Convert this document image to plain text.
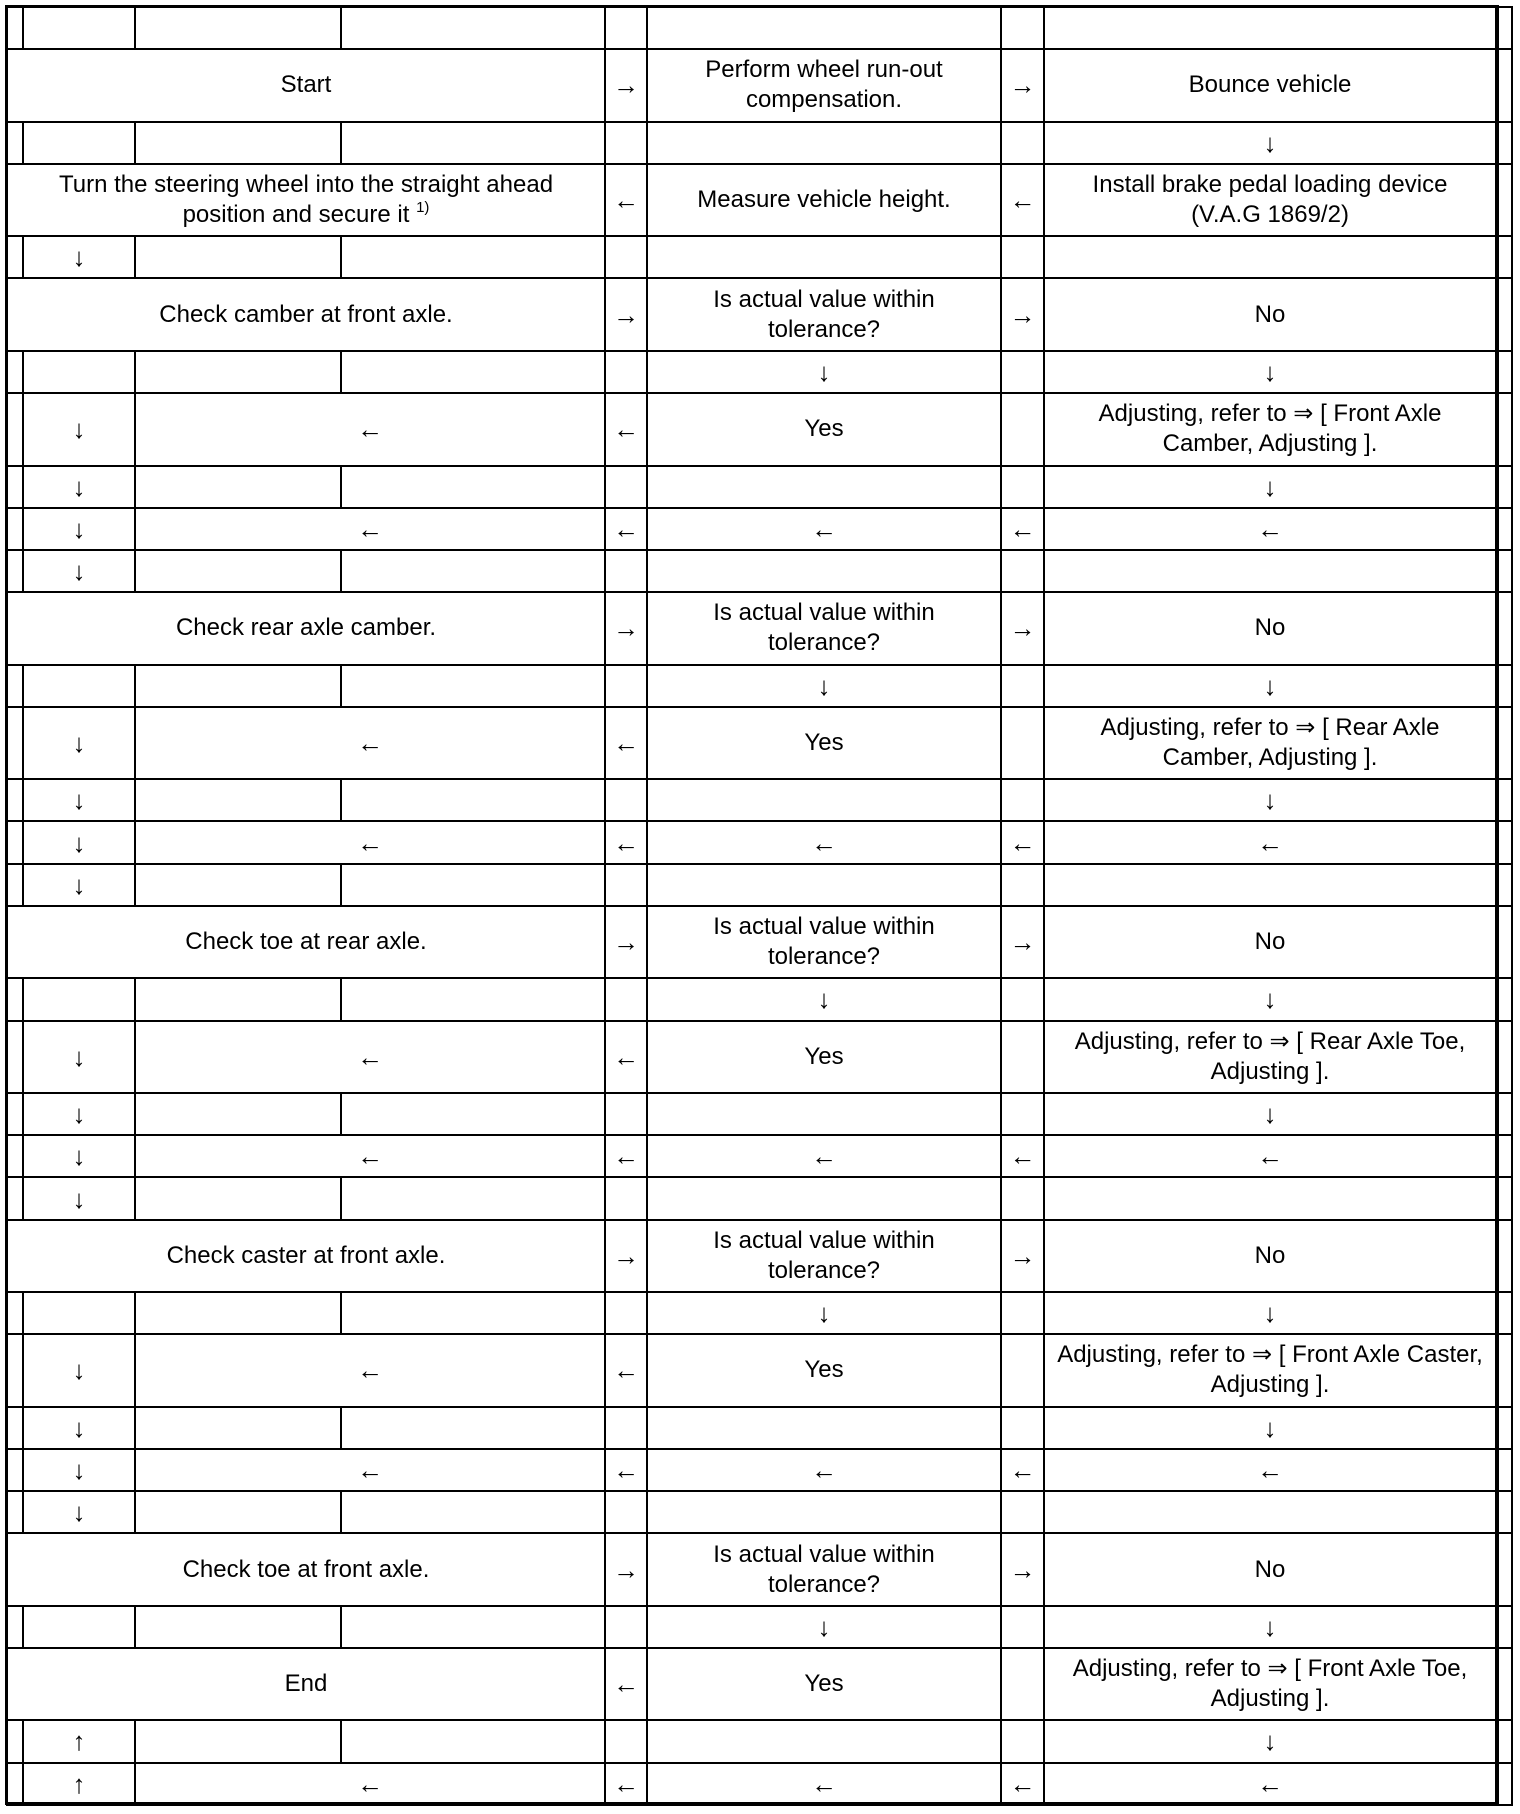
Start				→	Perform wheel run-out compensation.	→	Bounce vehicle	
							↓	
Turn the steering wheel into the straight ahead position and secure it $^{1)}$				←	Measure vehicle height.	←	Install brake pedal loading device (V.A.G 1869/2)	
	↓							
Check camber at front axle.				→	Is actual value within tolerance?	→	No	
					↓		↓	
	↓	←		←	Yes		Adjusting, refer to ⇒ [ Front Axle Camber, Adjusting ].	
	↓						↓	
	↓	←		←	←	←	←	
	↓							
Check rear axle camber.				→	Is actual value within tolerance?	→	No	
					↓		↓	
	↓	←		←	Yes		Adjusting, refer to ⇒ [ Rear Axle Camber, Adjusting ].	
	↓						↓	
	↓	←		←	←	←	←	
	↓							
Check toe at rear axle.				→	Is actual value within tolerance?	→	No	
					↓		↓	
	↓	←		←	Yes		Adjusting, refer to ⇒ [ Rear Axle Toe, Adjusting ].	
	↓						↓	
	↓	←		←	←	←	←	
	↓							
Check caster at front axle.				→	Is actual value within tolerance?	→	No	
					↓		↓	
	↓	←		←	Yes		Adjusting, refer to ⇒ [ Front Axle Caster, Adjusting ].	
	↓						↓	
	↓	←		←	←	←	←	
	↓							
Check toe at front axle.				→	Is actual value within tolerance?	→	No	
					↓		↓	
End				←	Yes		Adjusting, refer to ⇒ [ Front Axle Toe, Adjusting ].	
	↑						↓	
	↑	←		←	←	←	←	
